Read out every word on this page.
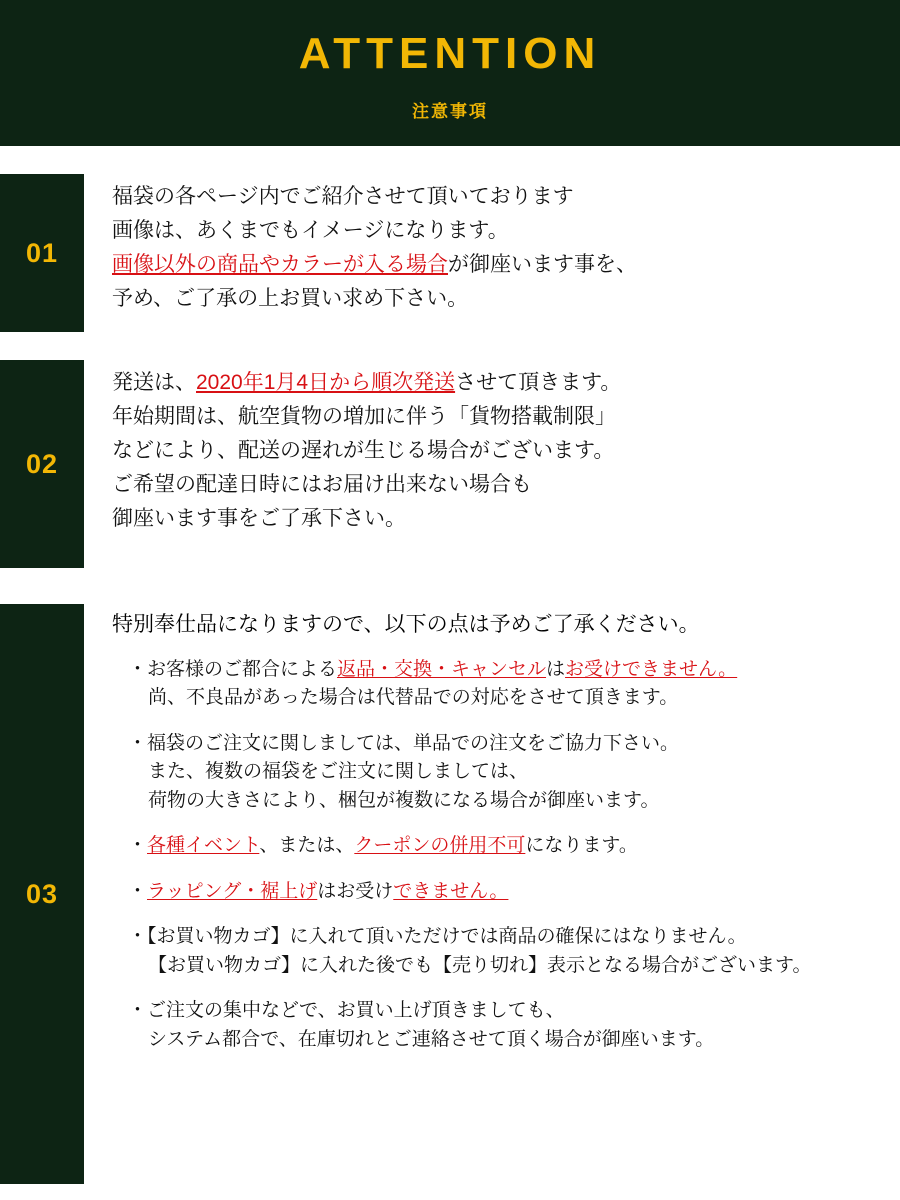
ATTENTION
注意事項
01
福袋の各ページ内でご紹介させて頂いております
画像は、あくまでもイメージになります。
画像以外の商品やカラーが入る場合が御座います事を、
予め、ご了承の上お買い求め下さい。
02
発送は、2020年1月4日から順次発送させて頂きます。
年始期間は、航空貨物の増加に伴う「貨物搭載制限」
などにより、配送の遅れが生じる場合がございます。
ご希望の配達日時にはお届け出来ない場合も
御座います事をご了承下さい。
03
特別奉仕品になりますので、以下の点は予めご了承ください。
・お客様のご都合による返品・交換・キャンセルはお受けできません。
尚、不良品があった場合は代替品での対応をさせて頂きます。
・福袋のご注文に関しましては、単品での注文をご協力下さい。
また、複数の福袋をご注文に関しましては、
荷物の大きさにより、梱包が複数になる場合が御座います。
・各種イベント、または、クーポンの併用不可になります。
・ラッピング・裾上げはお受けできません。
・【お買い物カゴ】に入れて頂いただけでは商品の確保にはなりません。
【お買い物カゴ】に入れた後でも【売り切れ】表示となる場合がございます。
・ご注文の集中などで、お買い上げ頂きましても、
システム都合で、在庫切れとご連絡させて頂く場合が御座います。
